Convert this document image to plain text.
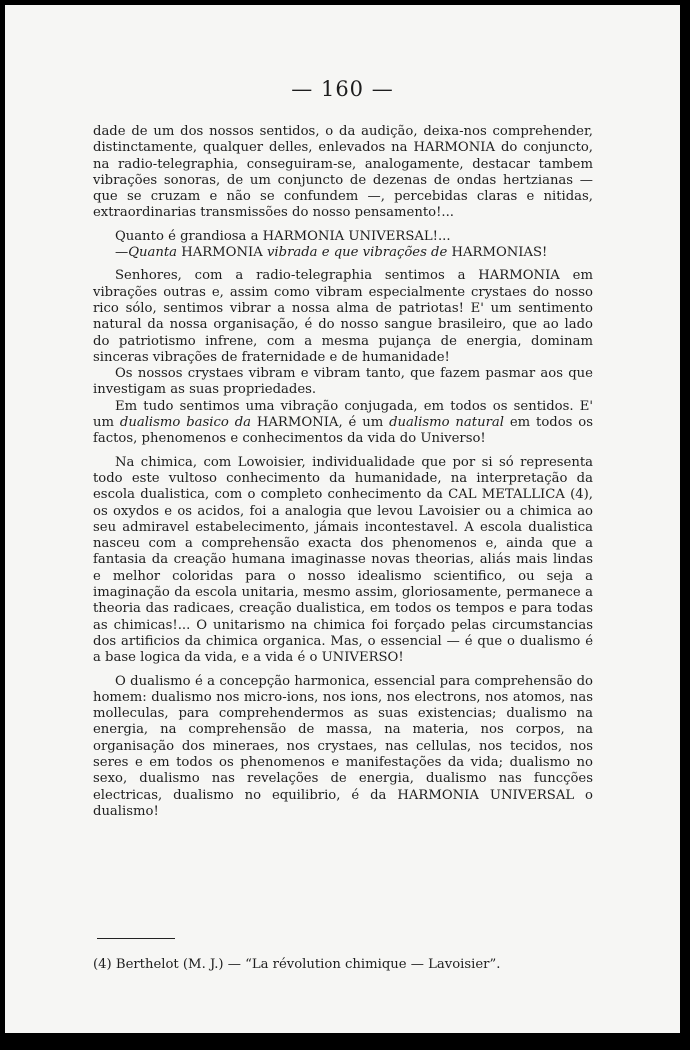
— 160 —

dade de um dos nossos sentidos, o da audição, deixa-nos comprehender, distinctamente, qualquer delles, enlevados na HARMONIA do conjuncto, na radio-telegraphia, conseguiram-se, analogamente, destacar tambem vibrações sonoras, de um conjuncto de dezenas de ondas hertzianas — que se cruzam e não se confundem —, percebidas claras e nitidas, extraordinarias transmissões do nosso pensamento!...

Quanto é grandiosa a HARMONIA UNIVERSAL!...

—Quanta HARMONIA vibrada e que vibrações de HARMONIAS!

Senhores, com a radio-telegraphia sentimos a HARMONIA em vibrações outras e, assim como vibram especialmente crystaes do nosso rico sólo, sentimos vibrar a nossa alma de patriotas! E' um sentimento natural da nossa organisação, é do nosso sangue brasileiro, que ao lado do patriotismo infrene, com a mesma pujança de energia, dominam sinceras vibrações de fraternidade e de humanidade!

Os nossos crystaes vibram e vibram tanto, que fazem pasmar aos que investigam as suas propriedades.

Em tudo sentimos uma vibração conjugada, em todos os sentidos. E' um dualismo basico da HARMONIA, é um dualismo natural em todos os factos, phenomenos e conhecimentos da vida do Universo!

Na chimica, com Lowoisier, individualidade que por si só representa todo este vultoso conhecimento da humanidade, na interpretação da escola dualistica, com o completo conhecimento da CAL METALLICA (4), os oxydos e os acidos, foi a analogia que levou Lavoisier ou a chimica ao seu admiravel estabelecimento, jámais incontestavel. A escola dualistica nasceu com a comprehensão exacta dos phenomenos e, ainda que a fantasia da creação humana imaginasse novas theorias, aliás mais lindas e melhor coloridas para o nosso idealismo scientifico, ou seja a imaginação da escola unitaria, mesmo assim, gloriosamente, permanece a theoria das radicaes, creação dualistica, em todos os tempos e para todas as chimicas!... O unitarismo na chimica foi forçado pelas circumstancias dos artificios da chimica organica. Mas, o essencial — é que o dualismo é a base logica da vida, e a vida é o UNIVERSO!

O dualismo é a concepção harmonica, essencial para comprehensão do homem: dualismo nos micro-ions, nos ions, nos electrons, nos atomos, nas molleculas, para comprehendermos as suas existencias; dualismo na energia, na comprehensão de massa, na materia, nos corpos, na organisação dos mineraes, nos crystaes, nas cellulas, nos tecidos, nos seres e em todos os phenomenos e manifestações da vida; dualismo no sexo, dualismo nas revelações de energia, dualismo nas funcções electricas, dualismo no equilibrio, é da HARMONIA UNIVERSAL o dualismo!

(4) Berthelot (M. J.) — “La révolution chimique — Lavoisier”.
